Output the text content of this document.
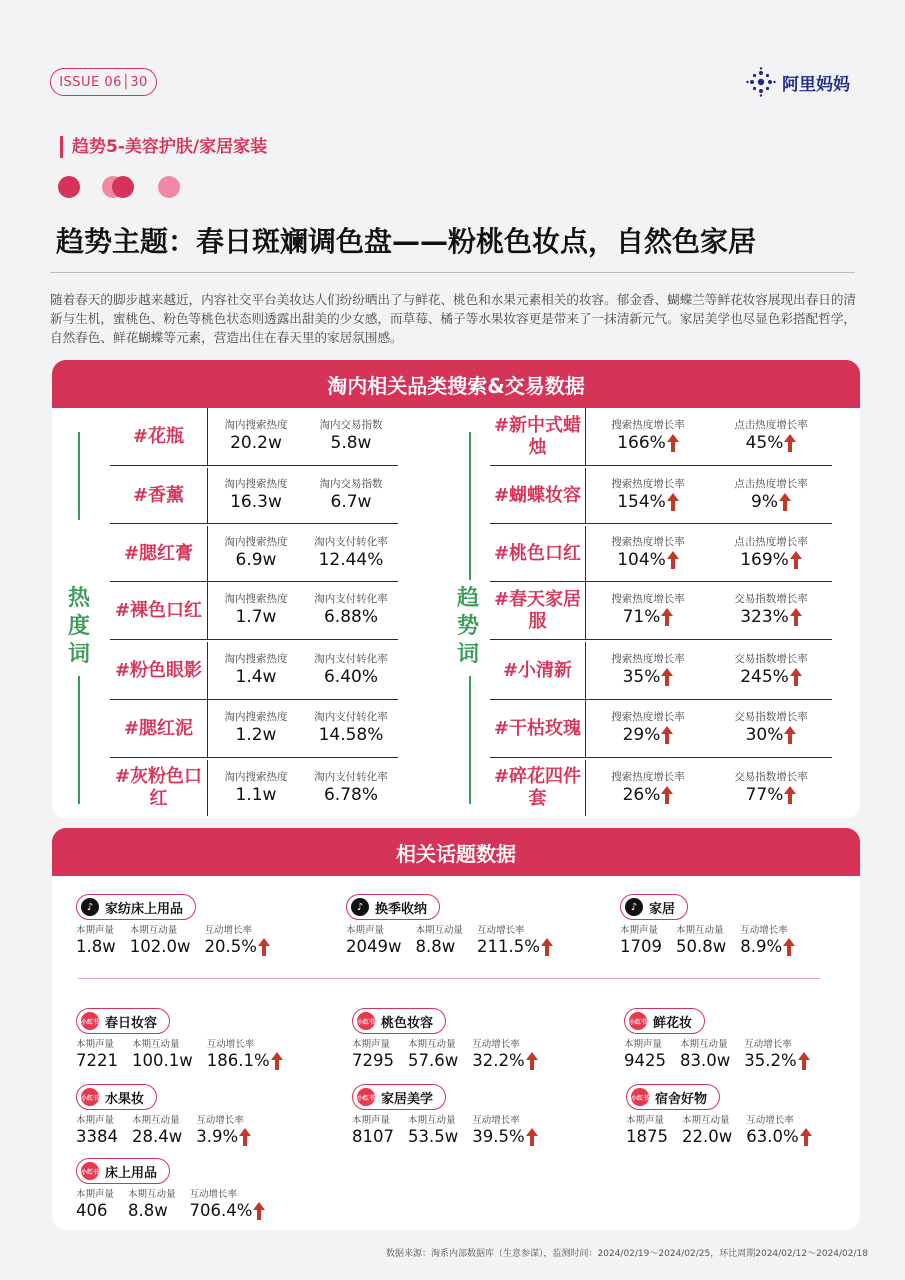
ISSUE 06│30	阿里妈妈
趋势5-美容护肤/家居家装
趋势主题：春日斑斓调色盘——粉桃色妆点，自然色家居
随着春天的脚步越来越近，内容社交平台美妆达人们纷纷晒出了与鲜花、桃色和水果元素相关的妆容。郁金香、蝴蝶兰等鲜花妆容展现出春日的清新与生机，蜜桃色、粉色等桃色状态则透露出甜美的少女感，而草莓、橘子等水果妆容更是带来了一抹清新元气。家居美学也尽显色彩搭配哲学，自然春色、鲜花蝴蝶等元素，营造出住在春天里的家居氛围感。
淘内相关品类搜索&交易数据
热
度
词
趋
势
词
#花瓶
淘内搜索热度
20.2w
淘内交易指数
5.8w
#香薰
淘内搜索热度
16.3w
淘内交易指数
6.7w
#腮红膏
淘内搜索热度
6.9w
淘内支付转化率
12.44%
#裸色口红
淘内搜索热度
1.7w
淘内支付转化率
6.88%
#粉色眼影
淘内搜索热度
1.4w
淘内支付转化率
6.40%
#腮红泥
淘内搜索热度
1.2w
淘内支付转化率
14.58%
#灰粉色口红
淘内搜索热度
1.1w
淘内支付转化率
6.78%
#新中式蜡烛
搜索热度增长率
166%
点击热度增长率
45%
#蝴蝶妆容
搜索热度增长率
154%
点击热度增长率
9%
#桃色口红
搜索热度增长率
104%
点击热度增长率
169%
#春天家居服
搜索热度增长率
71%
交易指数增长率
323%
#小清新
搜索热度增长率
35%
交易指数增长率
245%
#干枯玫瑰
搜索热度增长率
29%
交易指数增长率
30%
#碎花四件套
搜索热度增长率
26%
交易指数增长率
77%
相关话题数据
♪ 家纺床上用品
本期声量
1.8w
本期互动量
102.0w
互动增长率
20.5%
♪ 换季收纳
本期声量
2049w
本期互动量
8.8w
互动增长率
211.5%
♪ 家居
本期声量
1709
本期互动量
50.8w
互动增长率
8.9%
小红书 春日妆容
本期声量
7221
本期互动量
100.1w
互动增长率
186.1%
小红书 桃色妆容
本期声量
7295
本期互动量
57.6w
互动增长率
32.2%
小红书 鲜花妆
本期声量
9425
本期互动量
83.0w
互动增长率
35.2%
小红书 水果妆
本期声量
3384
本期互动量
28.4w
互动增长率
3.9%
小红书 家居美学
本期声量
8107
本期互动量
53.5w
互动增长率
39.5%
小红书 宿舍好物
本期声量
1875
本期互动量
22.0w
互动增长率
63.0%
小红书 床上用品
本期声量
406
本期互动量
8.8w
互动增长率
706.4%
数据来源：淘系内部数据库（生意参谋），监测时间：2024/02/19～2024/02/25，环比周期2024/02/12～2024/02/18
